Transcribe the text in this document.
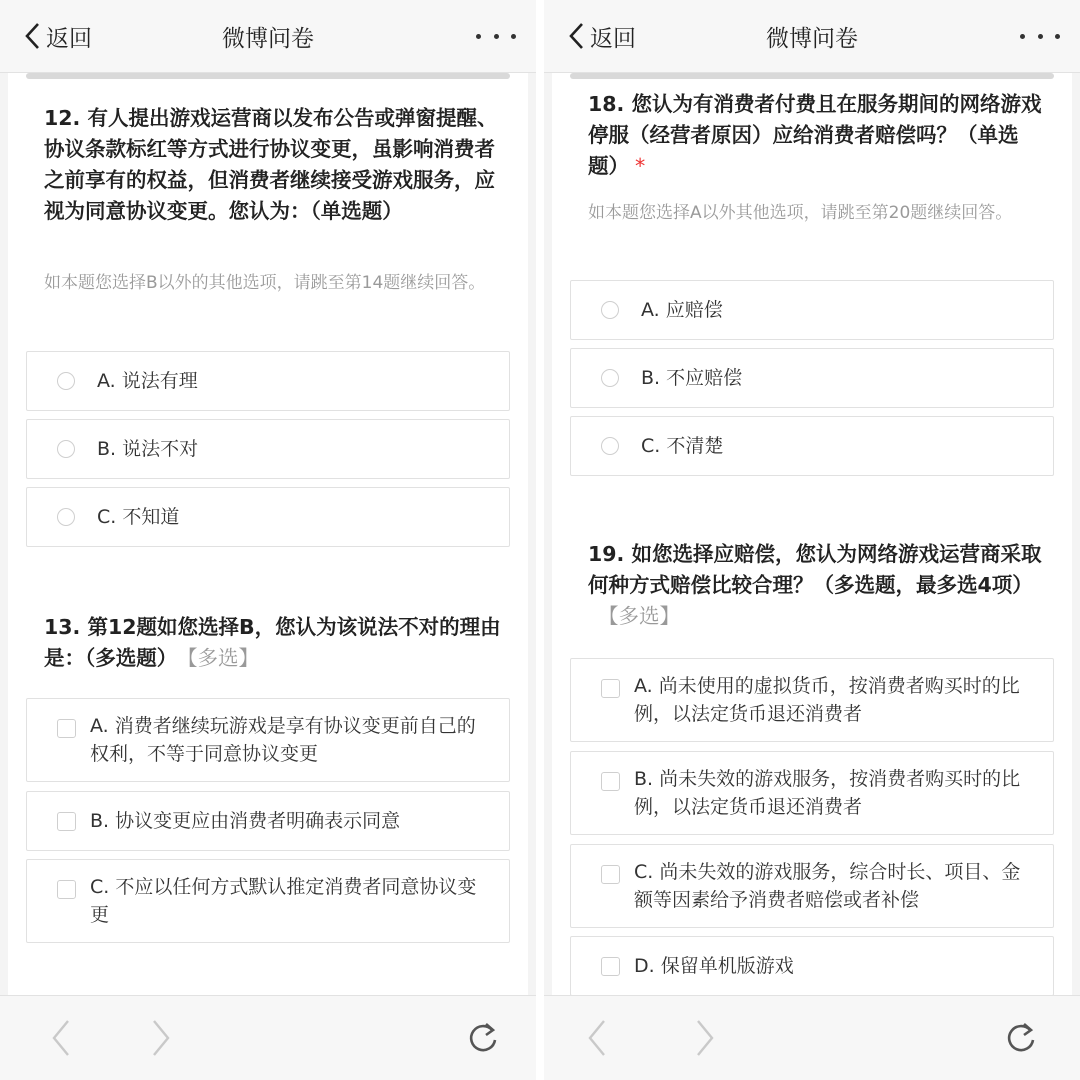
返回	微博问卷
12. 有人提出游戏运营商以发布公告或弹窗提醒、协议条款标红等方式进行协议变更，虽影响消费者之前享有的权益，但消费者继续接受游戏服务，应视为同意协议变更。您认为：（单选题）
如本题您选择B以外的其他选项，请跳至第14题继续回答。
A. 说法有理
B. 说法不对
C. 不知道
13. 第12题如您选择B，您认为该说法不对的理由是：（多选题） 【多选】
A. 消费者继续玩游戏是享有协议变更前自己的权利，不等于同意协议变更
B. 协议变更应由消费者明确表示同意
C. 不应以任何方式默认推定消费者同意协议变更
返回	微博问卷
18. 您认为有消费者付费且在服务期间的网络游戏停服（经营者原因）应给消费者赔偿吗？（单选题） *
如本题您选择A以外其他选项，请跳至第20题继续回答。
A. 应赔偿
B. 不应赔偿
C. 不清楚
19. 如您选择应赔偿，您认为网络游戏运营商采取何种方式赔偿比较合理？（多选题，最多选4项）【多选】
A. 尚未使用的虚拟货币，按消费者购买时的比例，以法定货币退还消费者
B. 尚未失效的游戏服务，按消费者购买时的比例，以法定货币退还消费者
C. 尚未失效的游戏服务，综合时长、项目、金额等因素给予消费者赔偿或者补偿
D. 保留单机版游戏
